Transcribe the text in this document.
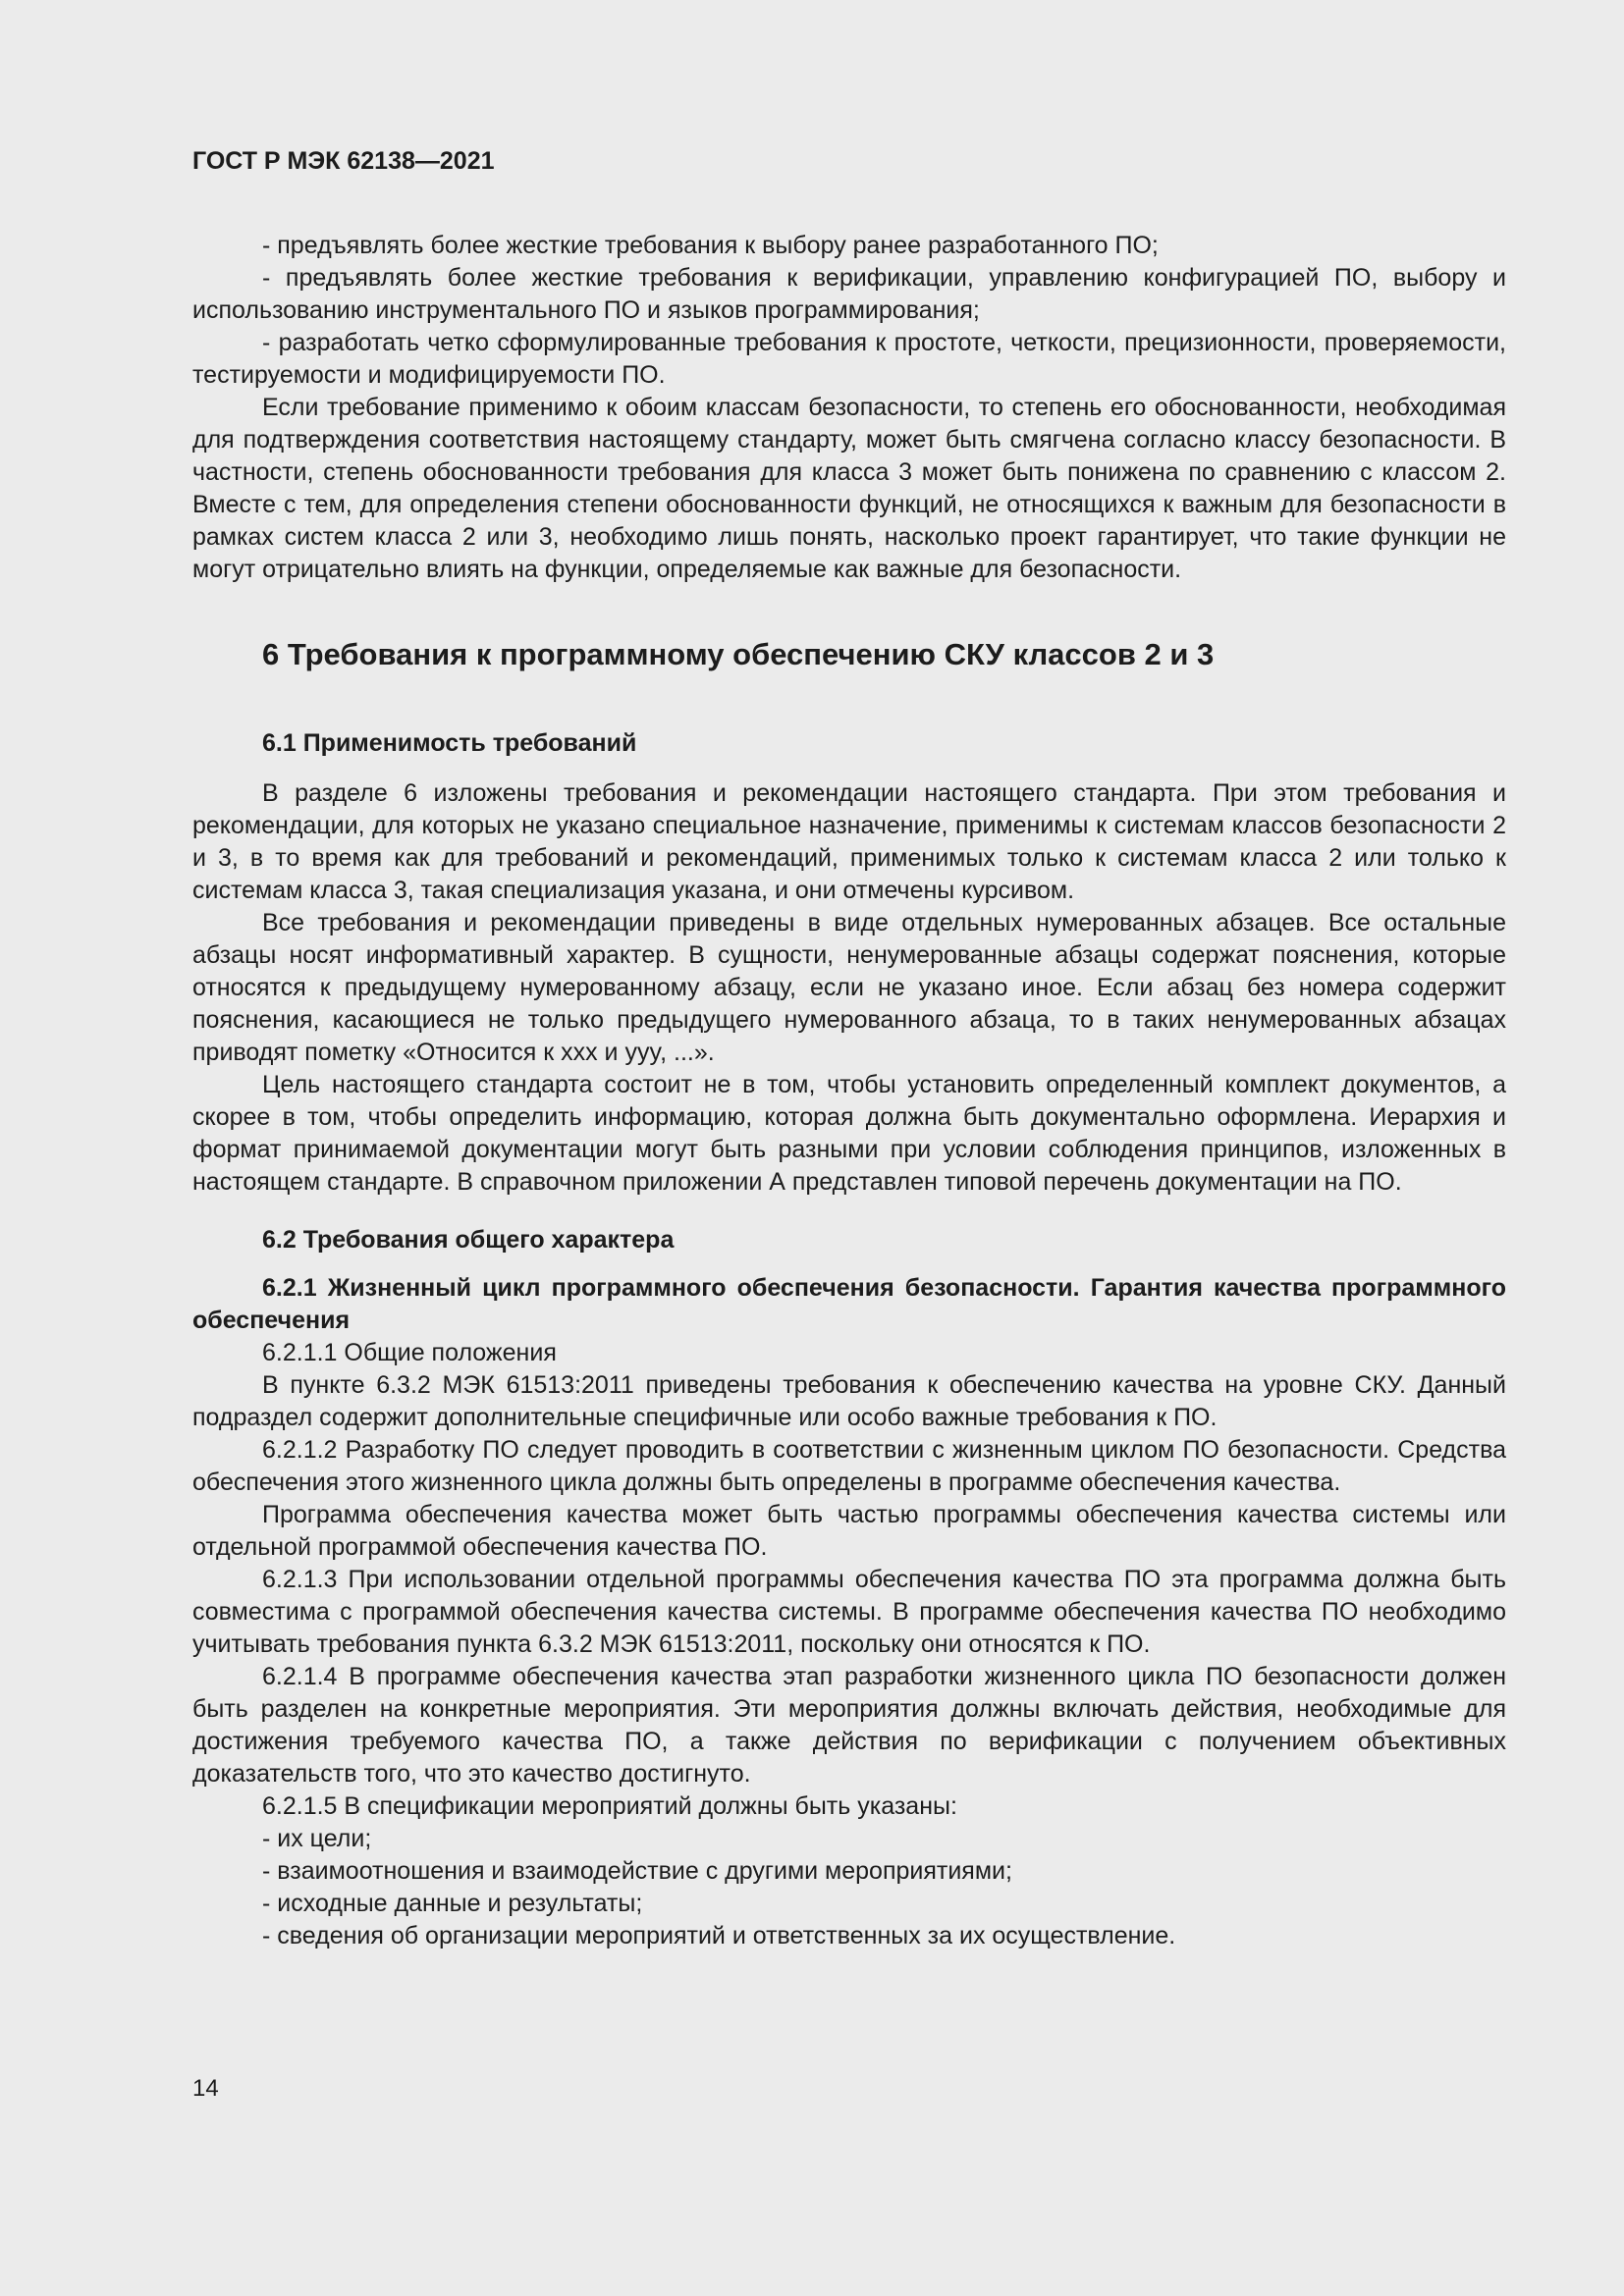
ГОСТ Р МЭК 62138—2021

- предъявлять более жесткие требования к выбору ранее разработанного ПО;

- предъявлять более жесткие требования к верификации, управлению конфигурацией ПО, выбору и использованию инструментального ПО и языков программирования;

- разработать четко сформулированные требования к простоте, четкости, прецизионности, проверяемости, тестируемости и модифицируемости ПО.

Если требование применимо к обоим классам безопасности, то степень его обоснованности, необходимая для подтверждения соответствия настоящему стандарту, может быть смягчена согласно классу безопасности. В частности, степень обоснованности требования для класса 3 может быть понижена по сравнению с классом 2. Вместе с тем, для определения степени обоснованности функций, не относящихся к важным для безопасности в рамках систем класса 2 или 3, необходимо лишь понять, насколько проект гарантирует, что такие функции не могут отрицательно влиять на функции, определяемые как важные для безопасности.

6 Требования к программному обеспечению СКУ классов 2 и 3
6.1 Применимость требований

В разделе 6 изложены требования и рекомендации настоящего стандарта. При этом требования и рекомендации, для которых не указано специальное назначение, применимы к системам классов безопасности 2 и 3, в то время как для требований и рекомендаций, применимых только к системам класса 2 или только к системам класса 3, такая специализация указана, и они отмечены курсивом.

Все требования и рекомендации приведены в виде отдельных нумерованных абзацев. Все остальные абзацы носят информативный характер. В сущности, ненумерованные абзацы содержат пояснения, которые относятся к предыдущему нумерованному абзацу, если не указано иное. Если абзац без номера содержит пояснения, касающиеся не только предыдущего нумерованного абзаца, то в таких ненумерованных абзацах приводят пометку «Относится к xxx и yyy, ...».

Цель настоящего стандарта состоит не в том, чтобы установить определенный комплект документов, а скорее в том, чтобы определить информацию, которая должна быть документально оформлена. Иерархия и формат принимаемой документации могут быть разными при условии соблюдения принципов, изложенных в настоящем стандарте. В справочном приложении А представлен типовой перечень документации на ПО.

6.2 Требования общего характера

6.2.1 Жизненный цикл программного обеспечения безопасности. Гарантия качества программного обеспечения

6.2.1.1 Общие положения

В пункте 6.3.2 МЭК 61513:2011 приведены требования к обеспечению качества на уровне СКУ. Данный подраздел содержит дополнительные специфичные или особо важные требования к ПО.

6.2.1.2 Разработку ПО следует проводить в соответствии с жизненным циклом ПО безопасности. Средства обеспечения этого жизненного цикла должны быть определены в программе обеспечения качества.

Программа обеспечения качества может быть частью программы обеспечения качества системы или отдельной программой обеспечения качества ПО.

6.2.1.3 При использовании отдельной программы обеспечения качества ПО эта программа должна быть совместима с программой обеспечения качества системы. В программе обеспечения качества ПО необходимо учитывать требования пункта 6.3.2 МЭК 61513:2011, поскольку они относятся к ПО.

6.2.1.4 В программе обеспечения качества этап разработки жизненного цикла ПО безопасности должен быть разделен на конкретные мероприятия. Эти мероприятия должны включать действия, необходимые для достижения требуемого качества ПО, а также действия по верификации с получением объективных доказательств того, что это качество достигнуто.

6.2.1.5 В спецификации мероприятий должны быть указаны:

- их цели;

- взаимоотношения и взаимодействие с другими мероприятиями;

- исходные данные и результаты;

- сведения об организации мероприятий и ответственных за их осуществление.

14
